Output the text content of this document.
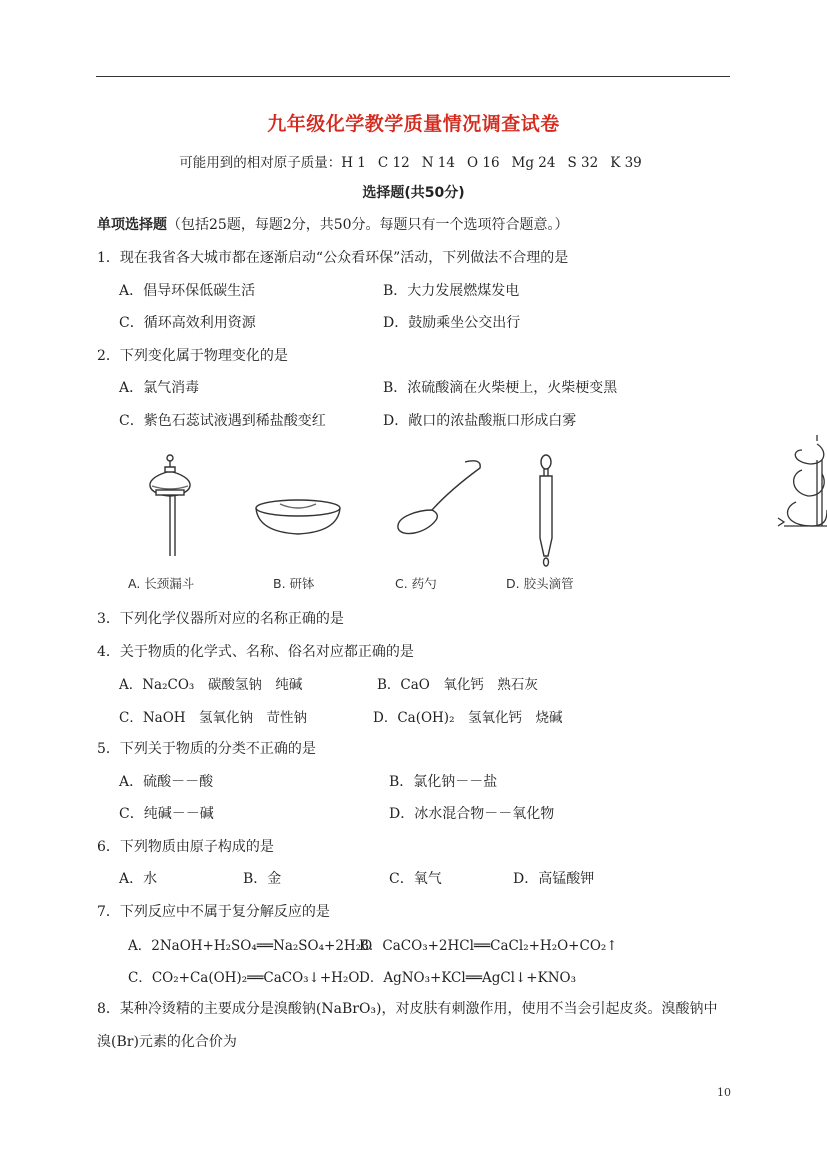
九年级化学教学质量情况调查试卷
可能用到的相对原子质量：H 1 C 12 N 14 O 16 Mg 24 S 32 K 39
选择题(共50分)
单项选择题（包括25题，每题2分，共50分。每题只有一个选项符合题意。）
1．现在我省各大城市都在逐渐启动“公众看环保”活动，下列做法不合理的是
A．倡导环保低碳生活	B．大力发展燃煤发电
C．循环高效利用资源	D．鼓励乘坐公交出行
2．下列变化属于物理变化的是
A．氯气消毒	B．浓硫酸滴在火柴梗上，火柴梗变黑
C．紫色石蕊试液遇到稀盐酸变红	D．敞口的浓盐酸瓶口形成白雾
A. 长颈漏斗	B. 研钵	C. 药勺	D. 胶头滴管
3．下列化学仪器所对应的名称正确的是
4．关于物质的化学式、名称、俗名对应都正确的是
A．Na₂CO₃　碳酸氢钠　纯碱	B．CaO　氧化钙　熟石灰
C．NaOH　氢氧化钠　苛性钠	D．Ca(OH)₂　氢氧化钙　烧碱
5．下列关于物质的分类不正确的是
A．硫酸－－酸	B．氯化钠－－盐
C．纯碱－－碱	D．冰水混合物－－氧化物
6．下列物质由原子构成的是
A．水	B．金	C．氧气	D．高锰酸钾
7．下列反应中不属于复分解反应的是
A．2NaOH+H₂SO₄══Na₂SO₄+2H₂O
B．CaCO₃+2HCl══CaCl₂+H₂O+CO₂↑
C．CO₂+Ca(OH)₂══CaCO₃↓+H₂O D．AgNO₃+KCl══AgCl↓+KNO₃
8．某种冷烫精的主要成分是溴酸钠(NaBrO₃)，对皮肤有刺激作用，使用不当会引起皮炎。溴酸钠中
溴(Br)元素的化合价为
10
